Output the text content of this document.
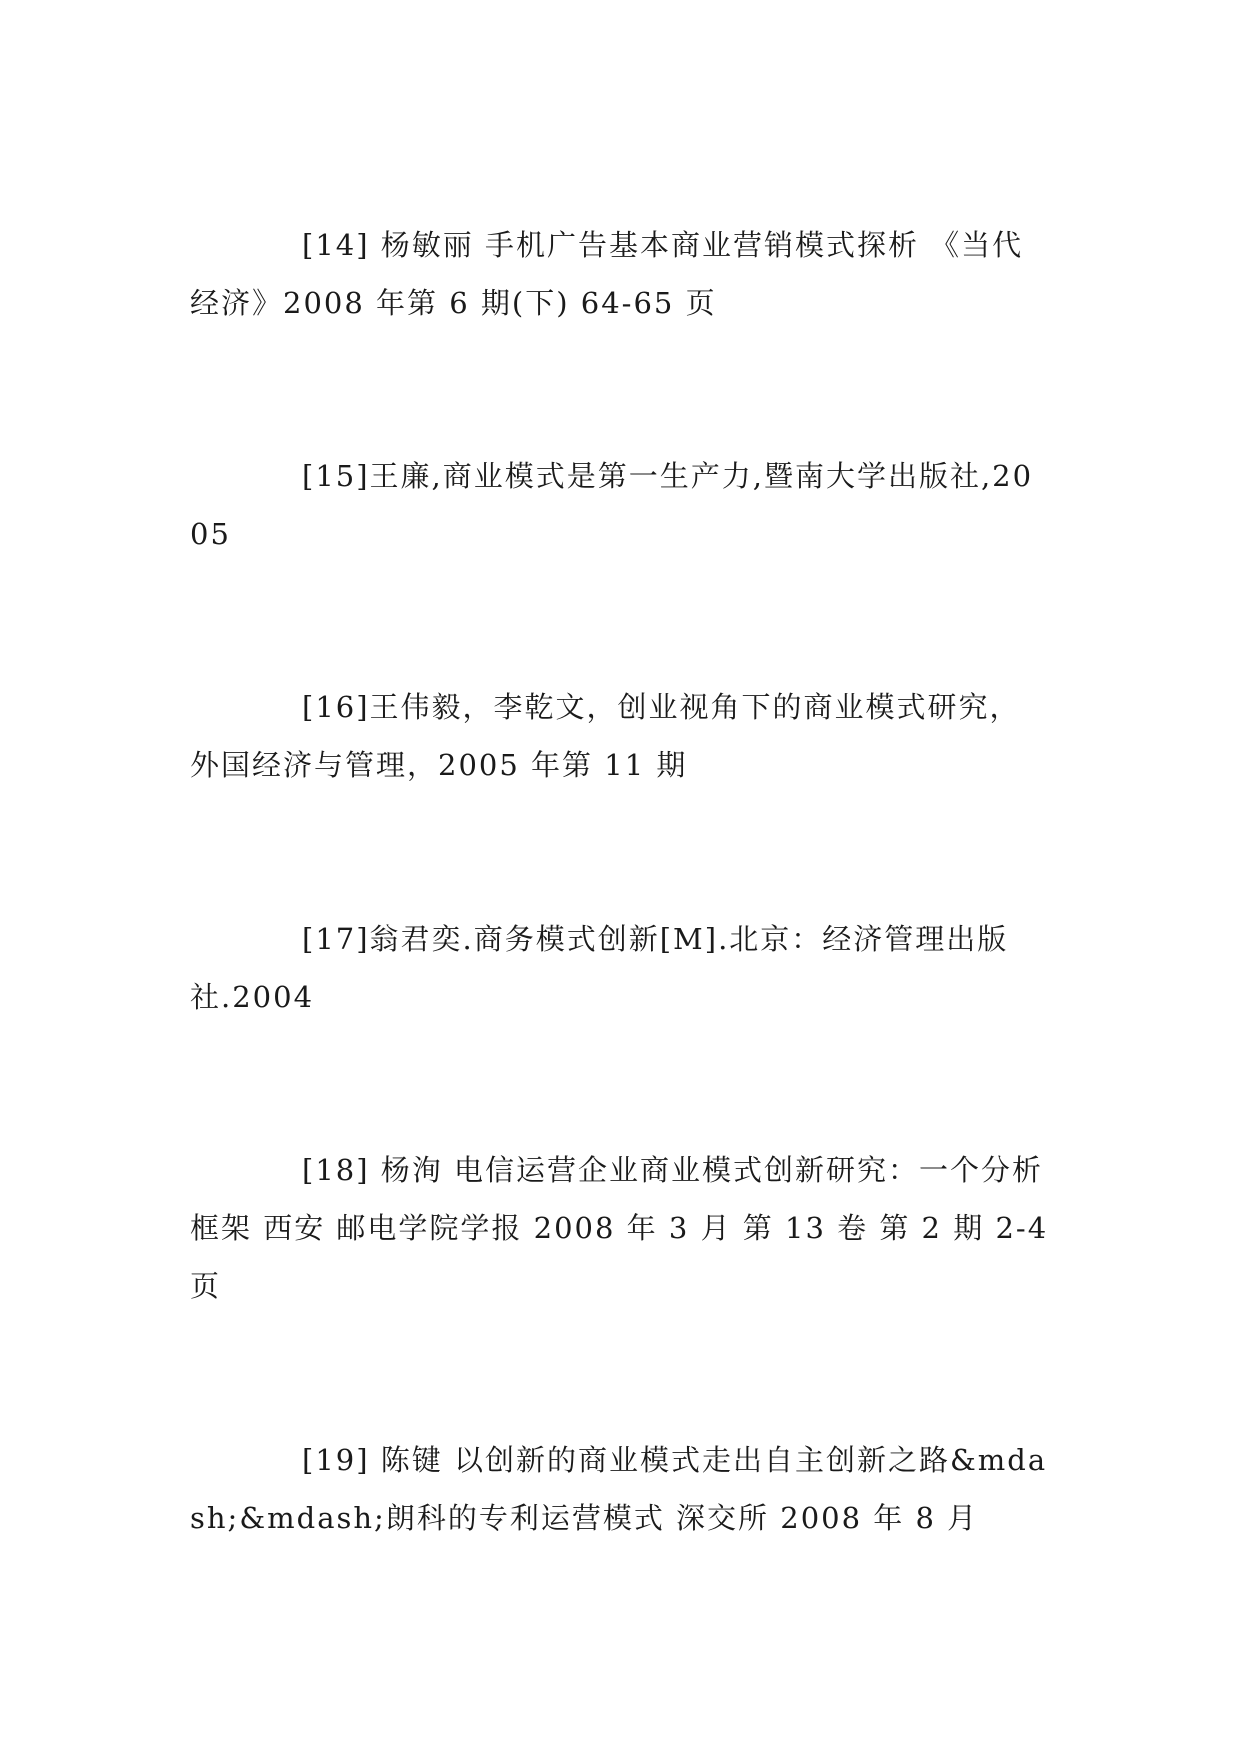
[14] 杨敏丽 手机广告基本商业营销模式探析 《当代经济》2008 年第 6 期(下) 64-65 页

[15]王廉,商业模式是第一生产力,暨南大学出版社,2005

[16]王伟毅，李乾文，创业视角下的商业模式研究，外国经济与管理，2005 年第 11 期

[17]翁君奕.商务模式创新[M].北京：经济管理出版社.2004

[18] 杨洵 电信运营企业商业模式创新研究：一个分析框架 西安 邮电学院学报 2008 年 3 月 第 13 卷 第 2 期 2-4 页

[19] 陈键 以创新的商业模式走出自主创新之路&mdash;&mdash;朗科的专利运营模式 深交所 2008 年 8 月
